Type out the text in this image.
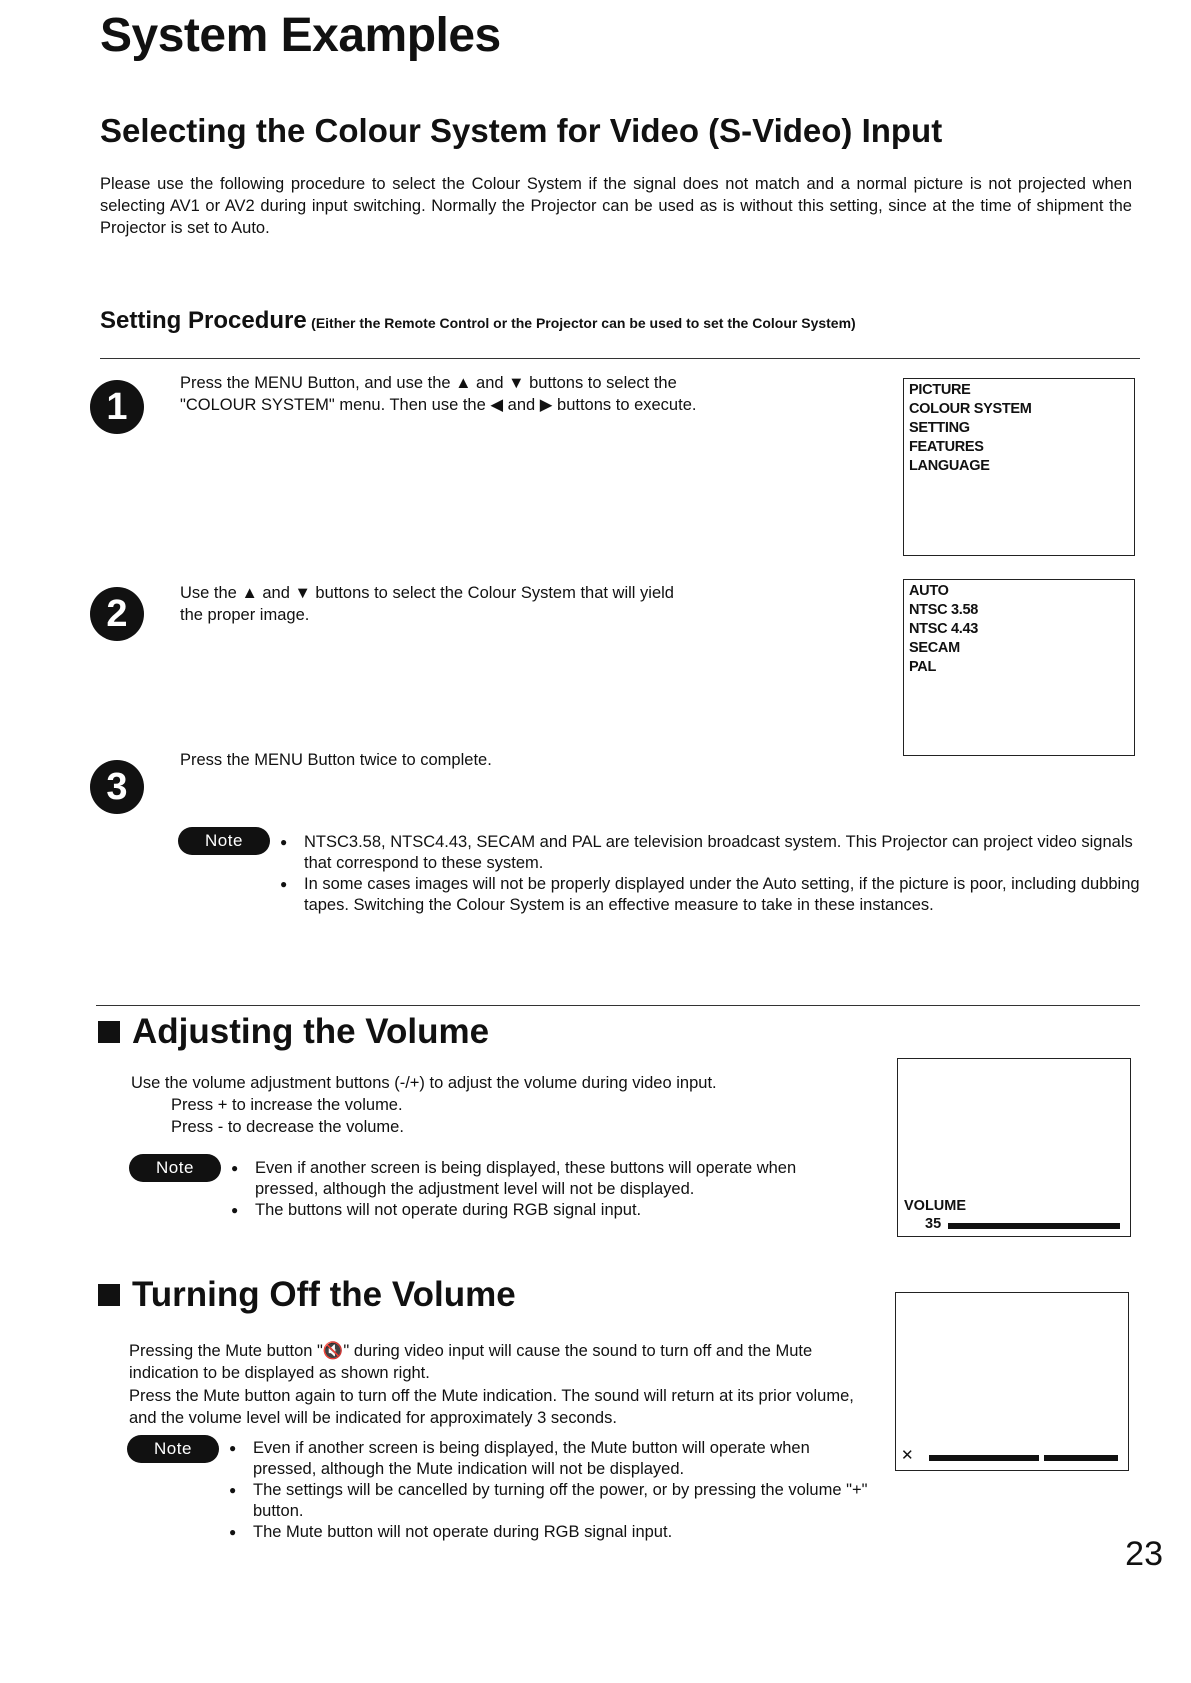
System Examples
Selecting the Colour System for Video (S-Video) Input

Please use the following procedure to select the Colour System if the signal does not match and a normal picture is not projected when selecting AV1 or AV2 during input switching. Normally the Projector can be used as is without this setting, since at the time of shipment the Projector is set to Auto.

Setting Procedure (Either the Remote Control or the Projector can be used to set the Colour System)
1

Press the MENU Button, and use the ▲ and ▼ buttons to select the "COLOUR SYSTEM" menu. Then use the ◀ and ▶ buttons to execute.

PICTURE
COLOUR SYSTEM
SETTING
FEATURES
LANGUAGE
2	Use the ▲ and ▼ buttons to select the Colour System that will yield the proper image.

AUTO
NTSC 3.58
NTSC 4.43
SECAM
PAL
3

Press the MENU Button twice to complete.

Note	● NTSC3.58, NTSC4.43, SECAM and PAL are television broadcast system. This Projector can project video signals that correspond to these system.
● In some cases images will not be properly displayed under the Auto setting, if the picture is poor, including dubbing tapes. Switching the Colour System is an effective measure to take in these instances.
Adjusting the Volume

Use the volume adjustment buttons (-/+) to adjust the volume during video input.

Press + to increase the volume.

Press - to decrease the volume.

Note	● Even if another screen is being displayed, these buttons will operate when pressed, although the adjustment level will not be displayed.
● The buttons will not operate during RGB signal input.	VOLUME
35
Turning Off the Volume

Pressing the Mute button "🔇" during video input will cause the sound to turn off and the Mute indication to be displayed as shown right.

Press the Mute button again to turn off the Mute indication. The sound will return at its prior volume, and the volume level will be indicated for approximately 3 seconds.

Note	● Even if another screen is being displayed, the Mute button will operate when pressed, although the Mute indication will not be displayed.
● The settings will be cancelled by turning off the power, or by pressing the volume "+" button.
● The Mute button will not operate during RGB signal input.
✕
23
